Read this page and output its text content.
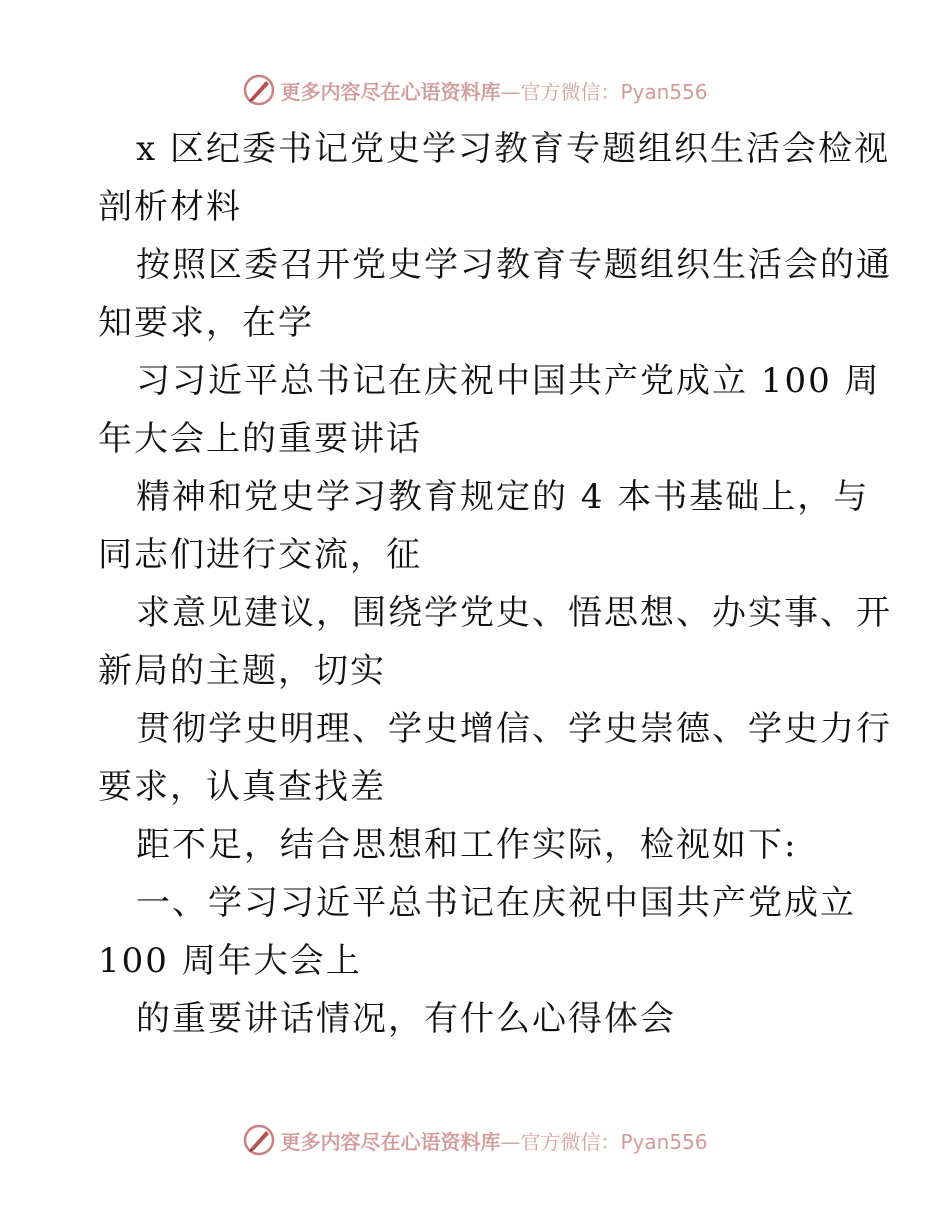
更多内容尽在心语资料库—官方微信：Pyan556
x 区纪委书记党史学习教育专题组织生活会检视
剖析材料
按照区委召开党史学习教育专题组织生活会的通
知要求，在学
习习近平总书记在庆祝中国共产党成立 100 周
年大会上的重要讲话
精神和党史学习教育规定的 4 本书基础上，与
同志们进行交流，征
求意见建议，围绕学党史、悟思想、办实事、开
新局的主题，切实
贯彻学史明理、学史增信、学史崇德、学史力行
要求，认真查找差
距不足，结合思想和工作实际，检视如下:
一、学习习近平总书记在庆祝中国共产党成立
100 周年大会上
的重要讲话情况，有什么心得体会
更多内容尽在心语资料库—官方微信：Pyan556
